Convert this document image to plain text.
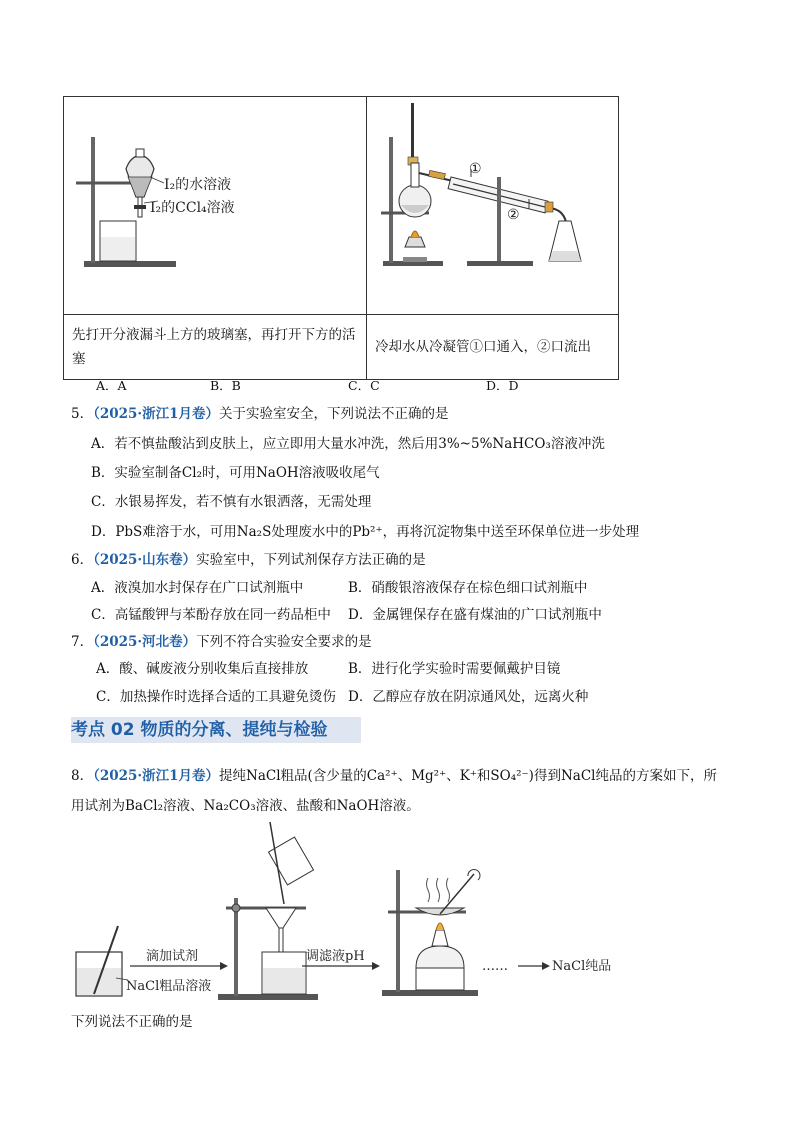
I₂的水溶液
I₂的CCl₄溶液	①
②

先打开分液漏斗上方的玻璃塞，再打开下方的活塞	冷却水从冷凝管①口通入，②口流出
A．A	B．B	C．C	D．D
5．（2025·浙江1月卷）关于实验室安全，下列说法不正确的是
A．若不慎盐酸沾到皮肤上，应立即用大量水冲洗，然后用3%~5%NaHCO₃溶液冲洗
B．实验室制备Cl₂时，可用NaOH溶液吸收尾气
C．水银易挥发，若不慎有水银洒落，无需处理
D．PbS难溶于水，可用Na₂S处理废水中的Pb²⁺，再将沉淀物集中送至环保单位进一步处理
6．（2025·山东卷）实验室中，下列试剂保存方法正确的是
A．液溴加水封保存在广口试剂瓶中	B．硝酸银溶液保存在棕色细口试剂瓶中
C．高锰酸钾与苯酚存放在同一药品柜中 D．金属锂保存在盛有煤油的广口试剂瓶中
7．（2025·河北卷）下列不符合实验安全要求的是
A．酸、碱废液分别收集后直接排放	B．进行化学实验时需要佩戴护目镜
C．加热操作时选择合适的工具避免烫伤 D．乙醇应存放在阴凉通风处，远离火种
考点 02 物质的分离、提纯与检验
8．（2025·浙江1月卷）提纯NaCl粗品(含少量的Ca²⁺、Mg²⁺、K⁺和SO₄²⁻)得到NaCl纯品的方案如下，所
用试剂为BaCl₂溶液、Na₂CO₃溶液、盐酸和NaOH溶液。
NaCl粗品溶液
滴加试剂	调滤液pH
……	NaCl纯品
下列说法不正确的是
